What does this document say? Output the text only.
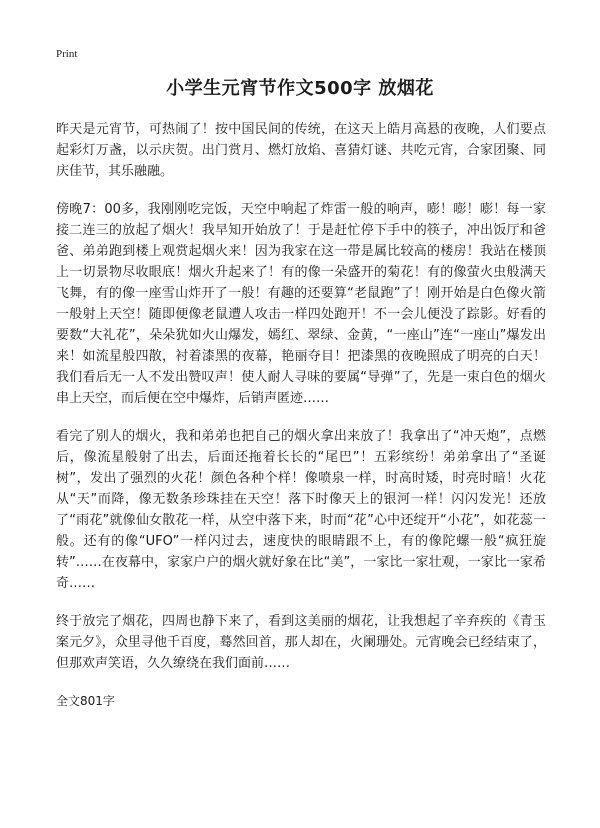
Print
小学生元宵节作文500字 放烟花

昨天是元宵节，可热闹了！按中国民间的传统，在这天上皓月高悬的夜晚，人们要点起彩灯万盏，以示庆贺。出门赏月、燃灯放焰、喜猜灯谜、共吃元宵，合家团聚、同庆佳节，其乐融融。

傍晚7：00多，我刚刚吃完饭，天空中响起了炸雷一般的响声，嘭！嘭！嘭！每一家接二连三的放起了烟火！我早知开始放了！于是赶忙停下手中的筷子，冲出饭厅和爸爸、弟弟跑到楼上观赏起烟火来！因为我家在这一带是属比较高的楼房！我站在楼顶上一切景物尽收眼底！烟火升起来了！有的像一朵盛开的菊花！有的像萤火虫般满天飞舞，有的像一座雪山炸开了一般！有趣的还要算“老鼠跑”了！刚开始是白色像火箭一般射上天空！随即便像老鼠遭人攻击一样四处跑开！不一会儿便没了踪影。好看的要数“大礼花”，朵朵犹如火山爆发，嫣红、翠绿、金黄，“一座山”连“一座山”爆发出来！如流星般四散，衬着漆黑的夜幕，艳丽夺目！把漆黑的夜晚照成了明亮的白天！我们看后无一人不发出赞叹声！使人耐人寻味的要属“导弹”了，先是一束白色的烟火串上天空，而后便在空中爆炸，后销声匿迹……

看完了别人的烟火，我和弟弟也把自己的烟火拿出来放了！我拿出了“冲天炮”，点燃后，像流星般射了出去，后面还拖着长长的“尾巴”！五彩缤纷！弟弟拿出了“圣诞树”，发出了强烈的火花！颜色各种个样！像喷泉一样，时高时矮，时亮时暗！火花从“天”而降，像无数条珍珠挂在天空！落下时像天上的银河一样！闪闪发光！还放了“雨花”就像仙女散花一样，从空中落下来，时而“花”心中还绽开“小花”，如花蕊一般。还有的像“UFO”一样闪过去，速度快的眼睛跟不上，有的像陀螺一般“疯狂旋转”……在夜幕中，家家户户的烟火就好象在比“美”，一家比一家壮观，一家比一家希奇……

终于放完了烟花，四周也静下来了，看到这美丽的烟花，让我想起了辛弃疾的《青玉案元夕》，众里寻他千百度，蓦然回首，那人却在，火阑珊处。元宵晚会已经结束了，但那欢声笑语，久久缭绕在我们面前……

全文801字
